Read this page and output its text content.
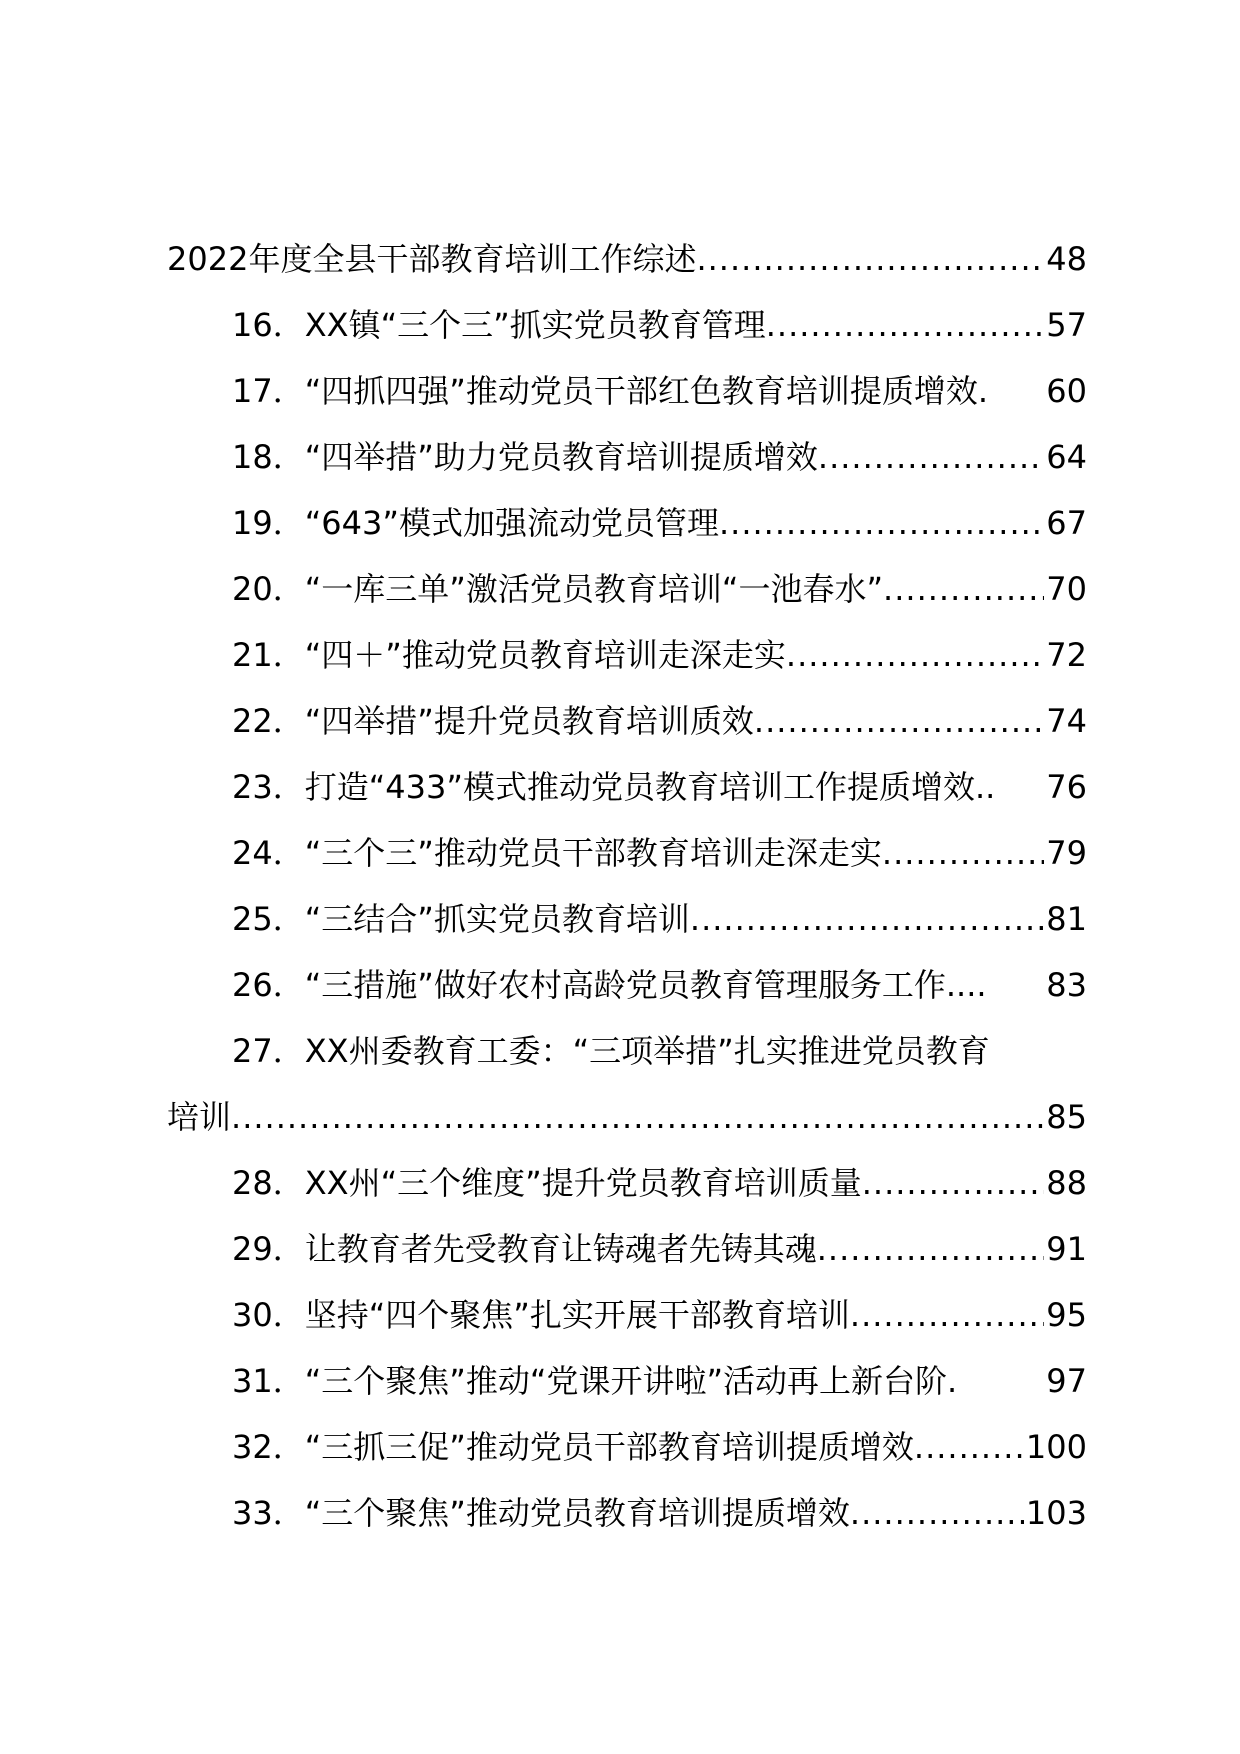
2022年度全县干部教育培训工作综述 .....	48
16．XX镇“三个三”抓实党员教育管理 .....	57
17．“四抓四强”推动党员干部红色教育培训提质增效. 60
18．“四举措”助力党员教育培训提质增效 .....	64
19．“643”模式加强流动党员管理 .....	67
20．“一库三单”激活党员教育培训“一池春水” .....	70
21．“四＋”推动党员教育培训走深走实 .....	72
22．“四举措”提升党员教育培训质效 .....	74
23．打造“433”模式推动党员教育培训工作提质增效.. 76
24．“三个三”推动党员干部教育培训走深走实 .....	79
25．“三结合”抓实党员教育培训 .....	81
26．“三措施”做好农村高龄党员教育管理服务工作.... 83
27．XX州委教育工委：“三项举措”扎实推进党员教育
培训 .....	85
28．XX州“三个维度”提升党员教育培训质量 .....	88
29．让教育者先受教育让铸魂者先铸其魂 .....	91
30．坚持“四个聚焦”扎实开展干部教育培训 .....	95
31．“三个聚焦”推动“党课开讲啦”活动再上新台阶.	97
32．“三抓三促”推动党员干部教育培训提质增效 .....	100
33．“三个聚焦”推动党员教育培训提质增效 .....	103
